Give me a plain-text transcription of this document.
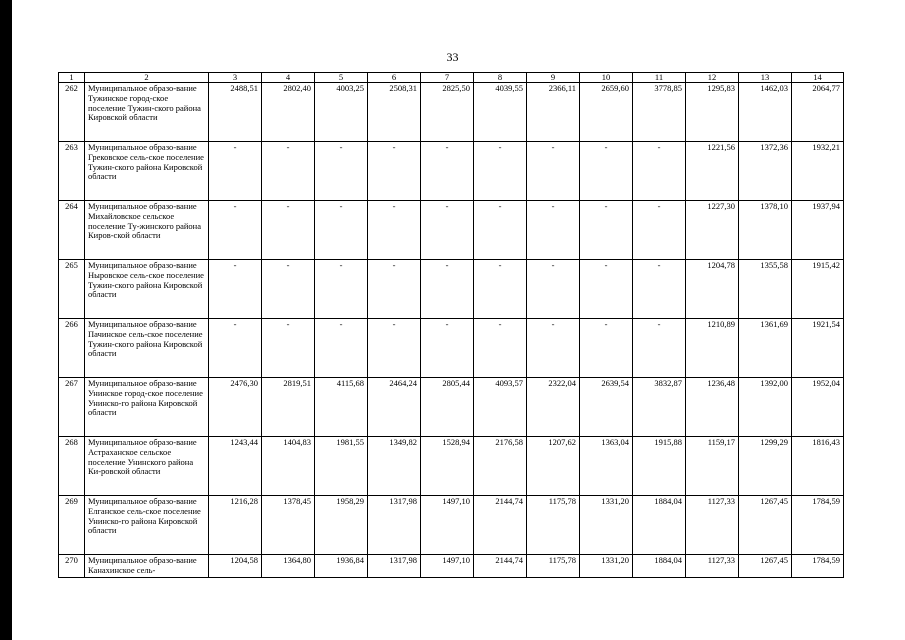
33
1	2	3	4	5	6	7	8	9	10	11	12	13	14
262	Муниципальное образо-вание Тужинское город-ское поселение Тужин-ского района Кировской области	2488,51	2802,40	4003,25	2508,31	2825,50	4039,55	2366,11	2659,60	3778,85	1295,83	1462,03	2064,77
263	Муниципальное образо-вание Грековское сель-ское поселение Тужин-ского района Кировской области	-	-	-	-	-	-	-	-	-	1221,56	1372,36	1932,21
264	Муниципальное образо-вание Михайловское сельское поселение Ту-жинского района Киров-ской области	-	-	-	-	-	-	-	-	-	1227,30	1378,10	1937,94
265	Муниципальное образо-вание Ныровское сель-ское поселение Тужин-ского района Кировской области	-	-	-	-	-	-	-	-	-	1204,78	1355,58	1915,42
266	Муниципальное образо-вание Пачинское сель-ское поселение Тужин-ского района Кировской области	-	-	-	-	-	-	-	-	-	1210,89	1361,69	1921,54
267	Муниципальное образо-вание Унинское город-ское поселение Унинско-го района Кировской области	2476,30	2819,51	4115,68	2464,24	2805,44	4093,57	2322,04	2639,54	3832,87	1236,48	1392,00	1952,04
268	Муниципальное образо-вание Астраханское сельское поселение Унинского района Ки-ровской области	1243,44	1404,83	1981,55	1349,82	1528,94	2176,58	1207,62	1363,04	1915,88	1159,17	1299,29	1816,43
269	Муниципальное образо-вание Елганское сель-ское поселение Унинско-го района Кировской области	1216,28	1378,45	1958,29	1317,98	1497,10	2144,74	1175,78	1331,20	1884,04	1127,33	1267,45	1784,59
270	Муниципальное образо-вание Канахинское сель-	1204,58	1364,80	1936,84	1317,98	1497,10	2144,74	1175,78	1331,20	1884,04	1127,33	1267,45	1784,59
